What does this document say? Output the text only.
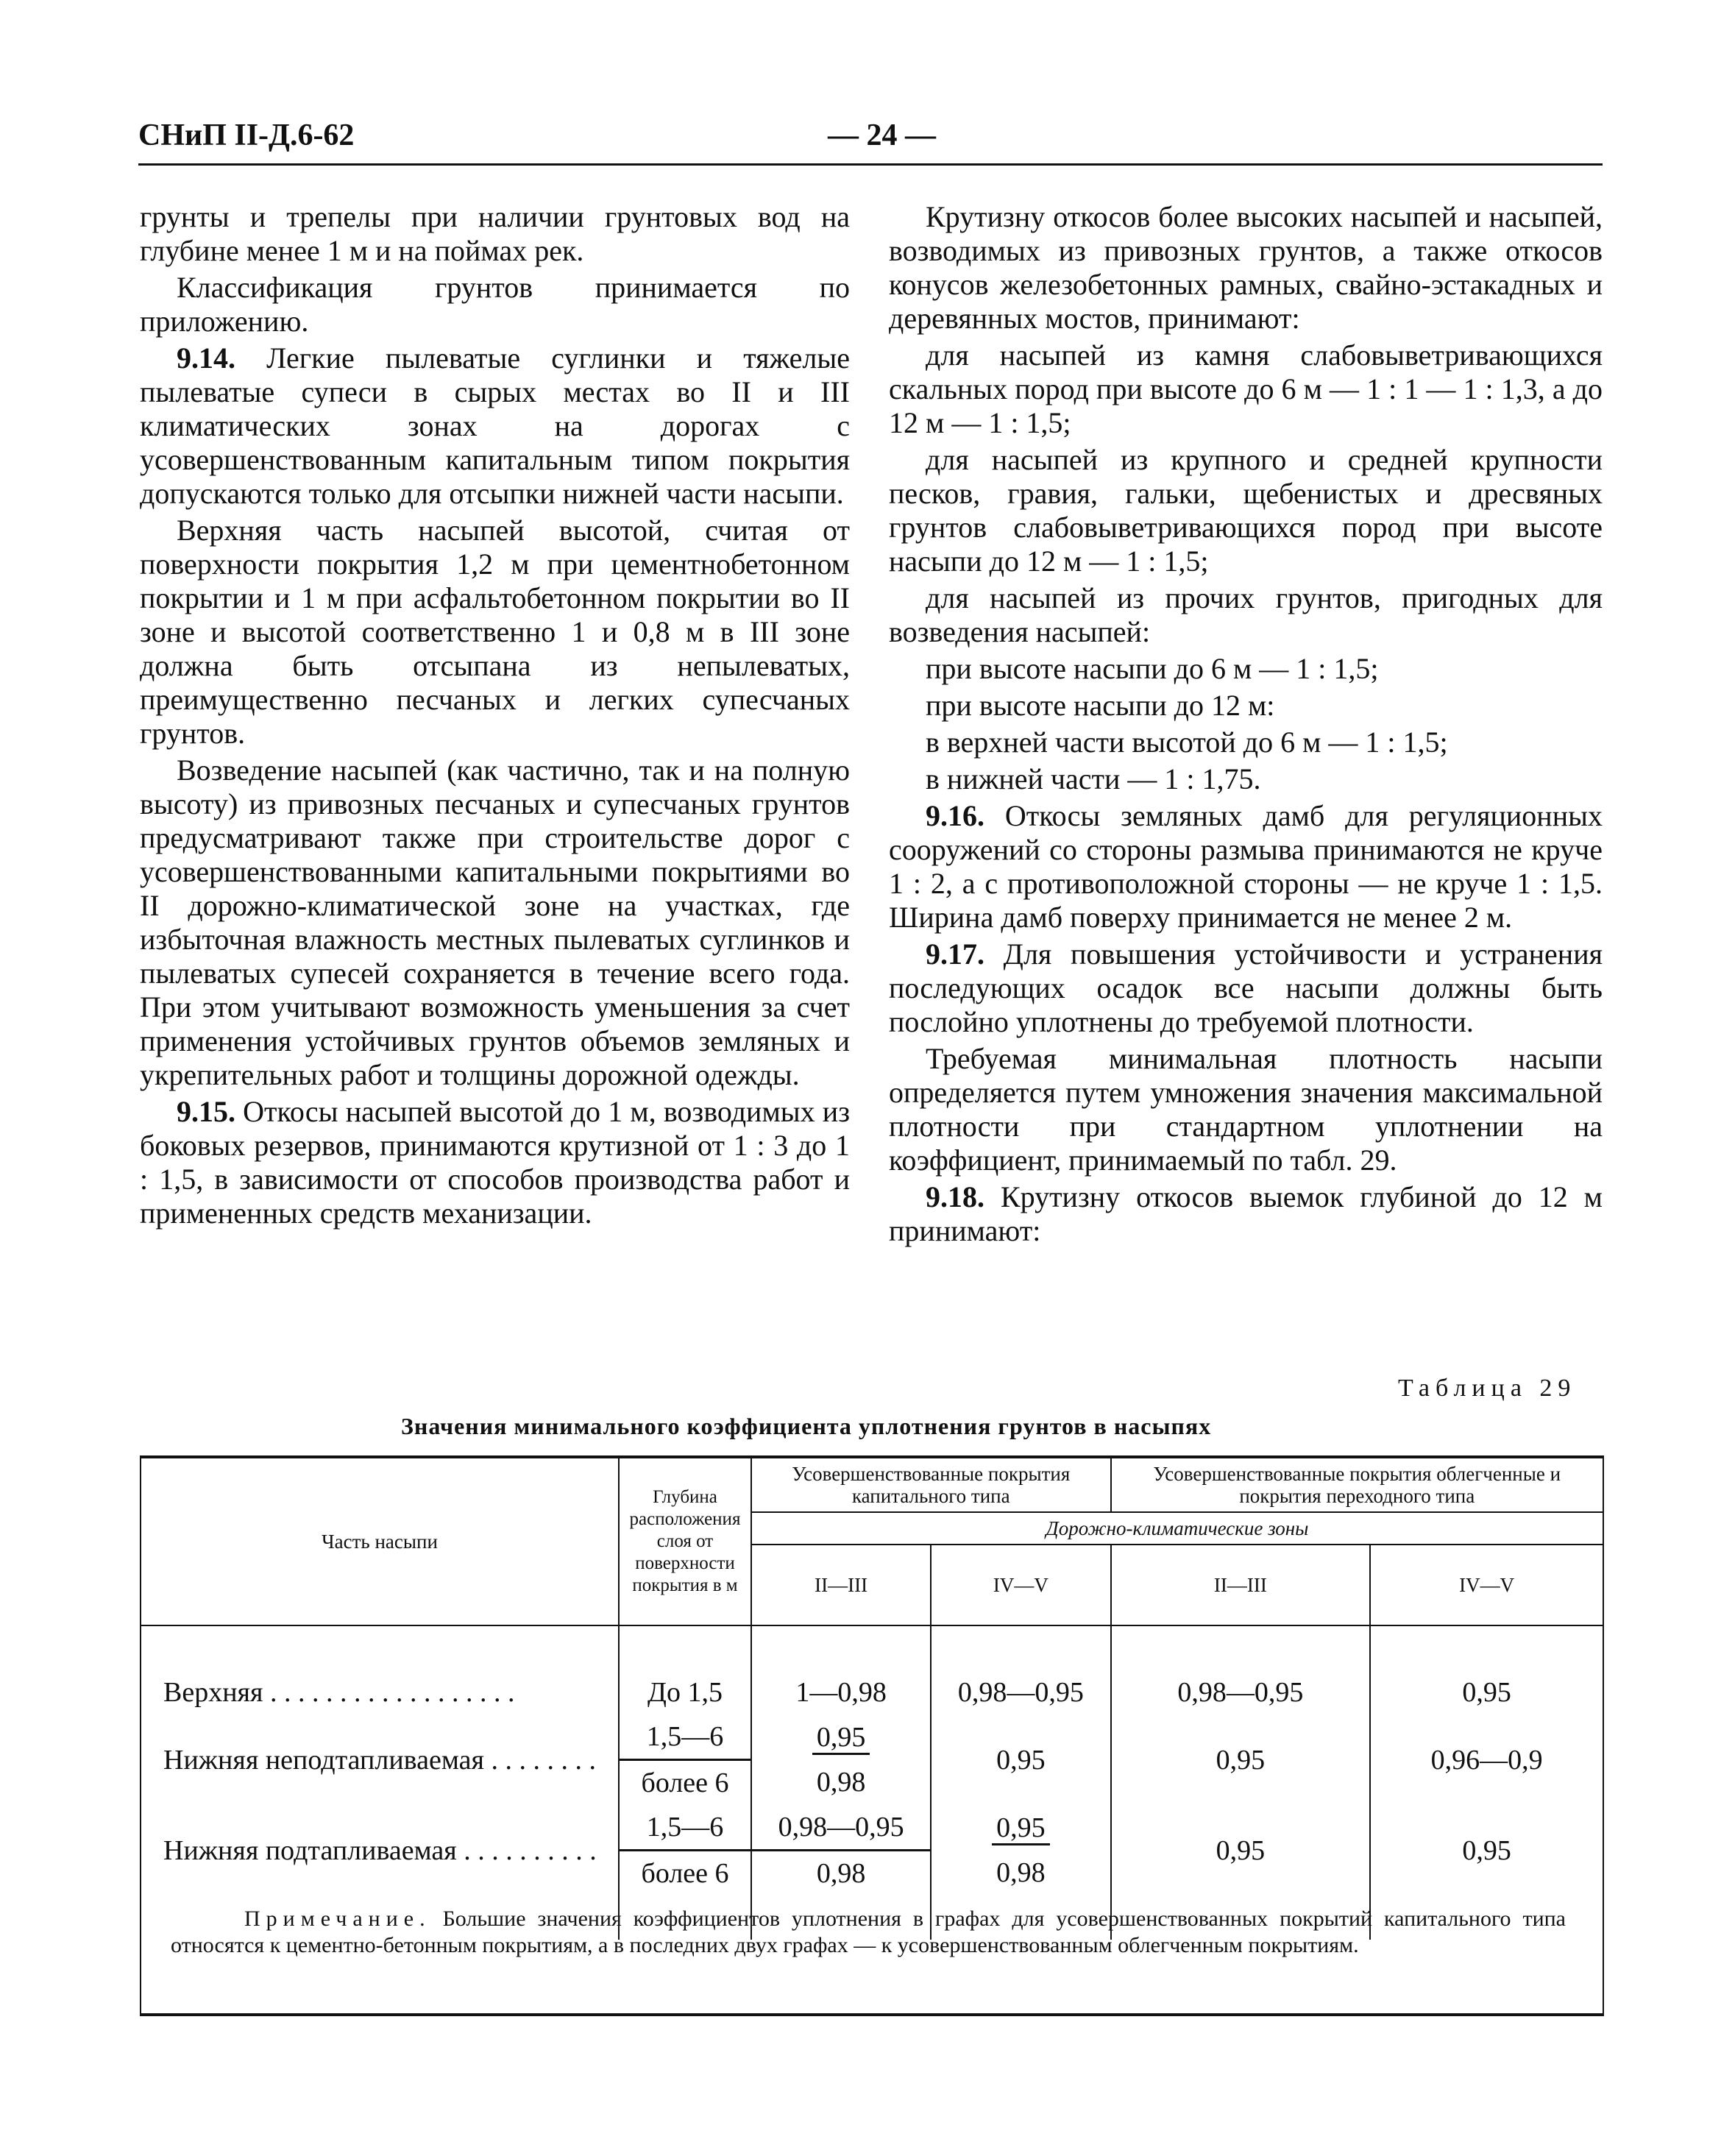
СНиП II-Д.6-62	— 24 —

грунты и трепелы при наличии грунтовых вод на глубине менее 1 м и на поймах рек.

Классификация грунтов принимается по приложению.

9.14. Легкие пылеватые суглинки и тяжелые пылеватые супеси в сырых местах во II и III климатических зонах на дорогах с усовершенствованным капитальным типом покрытия допускаются только для отсыпки нижней части насыпи.

Верхняя часть насыпей высотой, считая от поверхности покрытия 1,2 м при цементнобетонном покрытии и 1 м при асфальтобетонном покрытии во II зоне и высотой соответственно 1 и 0,8 м в III зоне должна быть отсыпана из непылеватых, преимущественно песчаных и легких супесчаных грунтов.

Возведение насыпей (как частично, так и на полную высоту) из привозных песчаных и супесчаных грунтов предусматривают также при строительстве дорог с усовершенствованными капитальными покрытиями во II дорожно-климатической зоне на участках, где избыточная влажность местных пылеватых суглинков и пылеватых супесей сохраняется в течение всего года. При этом учитывают возможность уменьшения за счет применения устойчивых грунтов объемов земляных и укрепительных работ и толщины дорожной одежды.

9.15. Откосы насыпей высотой до 1 м, возводимых из боковых резервов, принимаются крутизной от 1 : 3 до 1 : 1,5, в зависимости от способов производства работ и примененных средств механизации.

Крутизну откосов более высоких насыпей и насыпей, возводимых из привозных грунтов, а также откосов конусов железобетонных рамных, свайно-эстакадных и деревянных мостов, принимают:

для насыпей из камня слабовыветривающихся скальных пород при высоте до 6 м — 1 : 1 — 1 : 1,3, а до 12 м — 1 : 1,5;

для насыпей из крупного и средней крупности песков, гравия, гальки, щебенистых и дресвяных грунтов слабовыветривающихся пород при высоте насыпи до 12 м — 1 : 1,5;

для насыпей из прочих грунтов, пригодных для возведения насыпей:

при высоте насыпи до 6 м — 1 : 1,5;

при высоте насыпи до 12 м:

в верхней части высотой до 6 м — 1 : 1,5;

в нижней части — 1 : 1,75.

9.16. Откосы земляных дамб для регуляционных сооружений со стороны размыва принимаются не круче 1 : 2, а с противоположной стороны — не круче 1 : 1,5. Ширина дамб поверху принимается не менее 2 м.

9.17. Для повышения устойчивости и устранения последующих осадок все насыпи должны быть послойно уплотнены до требуемой плотности.

Требуемая минимальная плотность насыпи определяется путем умножения значения максимальной плотности при стандартном уплотнении на коэффициент, принимаемый по табл. 29.

9.18. Крутизну откосов выемок глубиной до 12 м принимают:

Таблица 29
Значения минимального коэффициента уплотнения грунтов в насыпях
Часть насыпи	Глубина расположения слоя от поверхности покрытия в м	Усовершенствованные покрытия капитального типа		Усовершенствованные покрытия облегченные и покрытия переходного типа	
		Дорожно-климатические зоны			
		II—III	IV—V	II—III	IV—V

Верхняя . . . . . . . . . . . . . . . . . .	До 1,5	1—0,98	0,98—0,95	0,98—0,95	0,95
Нижняя неподтапливаемая . . . . . . . .	1,5—6	0,95	0,95	0,95	0,96—0,9
	более 6	0,98			
Нижняя подтапливаемая . . . . . . . . . .	1,5—6	0,98—0,95	0,95	0,95	0,95
	более 6	0,98	0,98		

Примечание. Большие значения коэффициентов уплотнения в графах для усовершенствованных покрытий капитального типа относятся к цементно-бетонным покрытиям, а в последних двух графах — к усовершенствованным облегченным покрытиям.
